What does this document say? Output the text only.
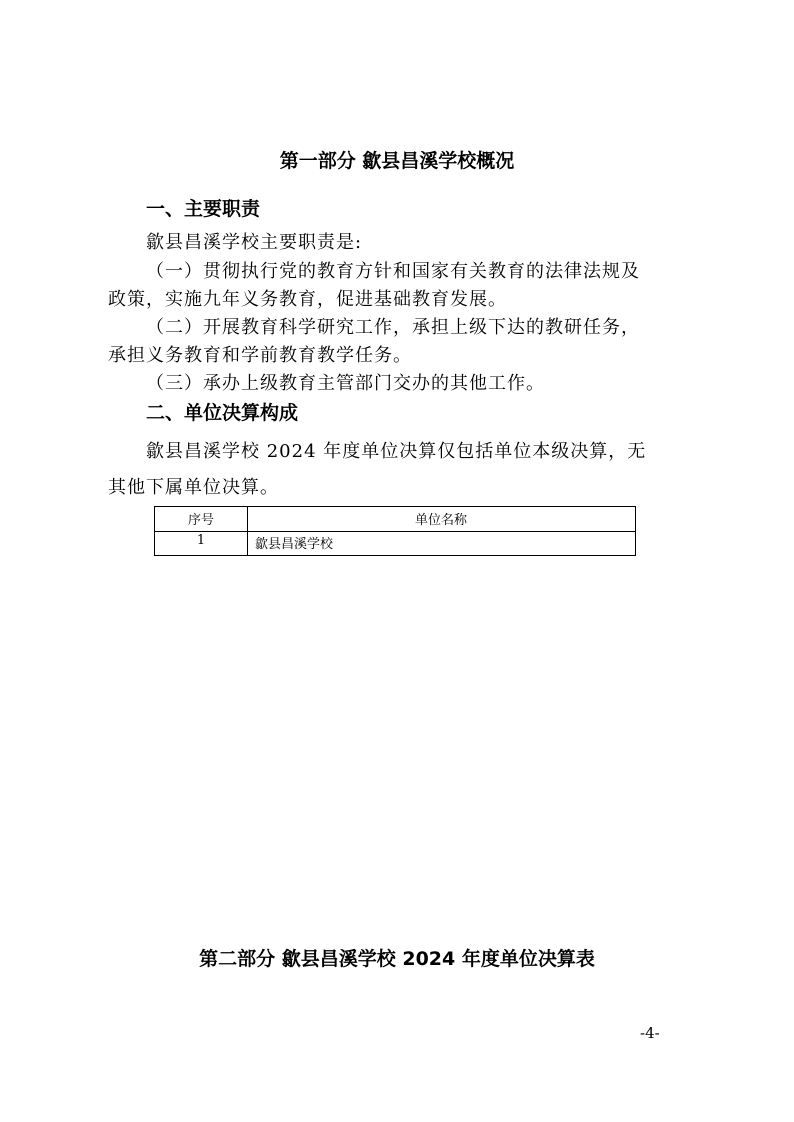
第一部分 歙县昌溪学校概况
一、主要职责
歙县昌溪学校主要职责是:
（一）贯彻执行党的教育方针和国家有关教育的法律法规及
政策，实施九年义务教育，促进基础教育发展。
（二）开展教育科学研究工作，承担上级下达的教研任务，
承担义务教育和学前教育教学任务。
（三）承办上级教育主管部门交办的其他工作。
二、单位决算构成
歙县昌溪学校 2024 年度单位决算仅包括单位本级决算，无
其他下属单位决算。
序号	单位名称
1	歙县昌溪学校
第二部分 歙县昌溪学校 2024 年度单位决算表
-4-
